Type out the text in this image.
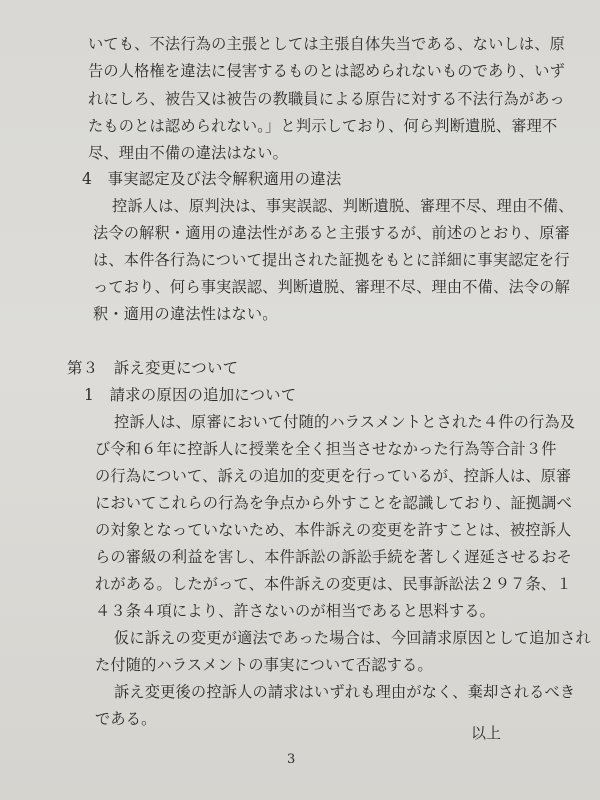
いても、不法行為の主張としては主張自体失当である、ないしは、原
告の人格権を違法に侵害するものとは認められないものであり、いず
れにしろ、被告又は被告の教職員による原告に対する不法行為があっ
たものとは認められない。」と判示しており、何ら判断遺脱、審理不
尽、理由不備の違法はない。
4　事実認定及び法令解釈適用の違法
控訴人は、原判決は、事実誤認、判断遺脱、審理不尽、理由不備、
法令の解釈・適用の違法性があると主張するが、前述のとおり、原審
は、本件各行為について提出された証拠をもとに詳細に事実認定を行
っており、何ら事実誤認、判断遺脱、審理不尽、理由不備、法令の解
釈・適用の違法性はない。
第３　訴え変更について
1　請求の原因の追加について
控訴人は、原審において付随的ハラスメントとされた４件の行為及
び令和６年に控訴人に授業を全く担当させなかった行為等合計３件
の行為について、訴えの追加的変更を行っているが、控訴人は、原審
においてこれらの行為を争点から外すことを認識しており、証拠調べ
の対象となっていないため、本件訴えの変更を許すことは、被控訴人
らの審級の利益を害し、本件訴訟の訴訟手続を著しく遅延させるおそ
れがある。したがって、本件訴えの変更は、民事訴訟法２９７条、１
４３条４項により、許さないのが相当であると思料する。
仮に訴えの変更が適法であった場合は、今回請求原因として追加され
た付随的ハラスメントの事実について否認する。
訴え変更後の控訴人の請求はいずれも理由がなく、棄却されるべき
である。
以上
3
